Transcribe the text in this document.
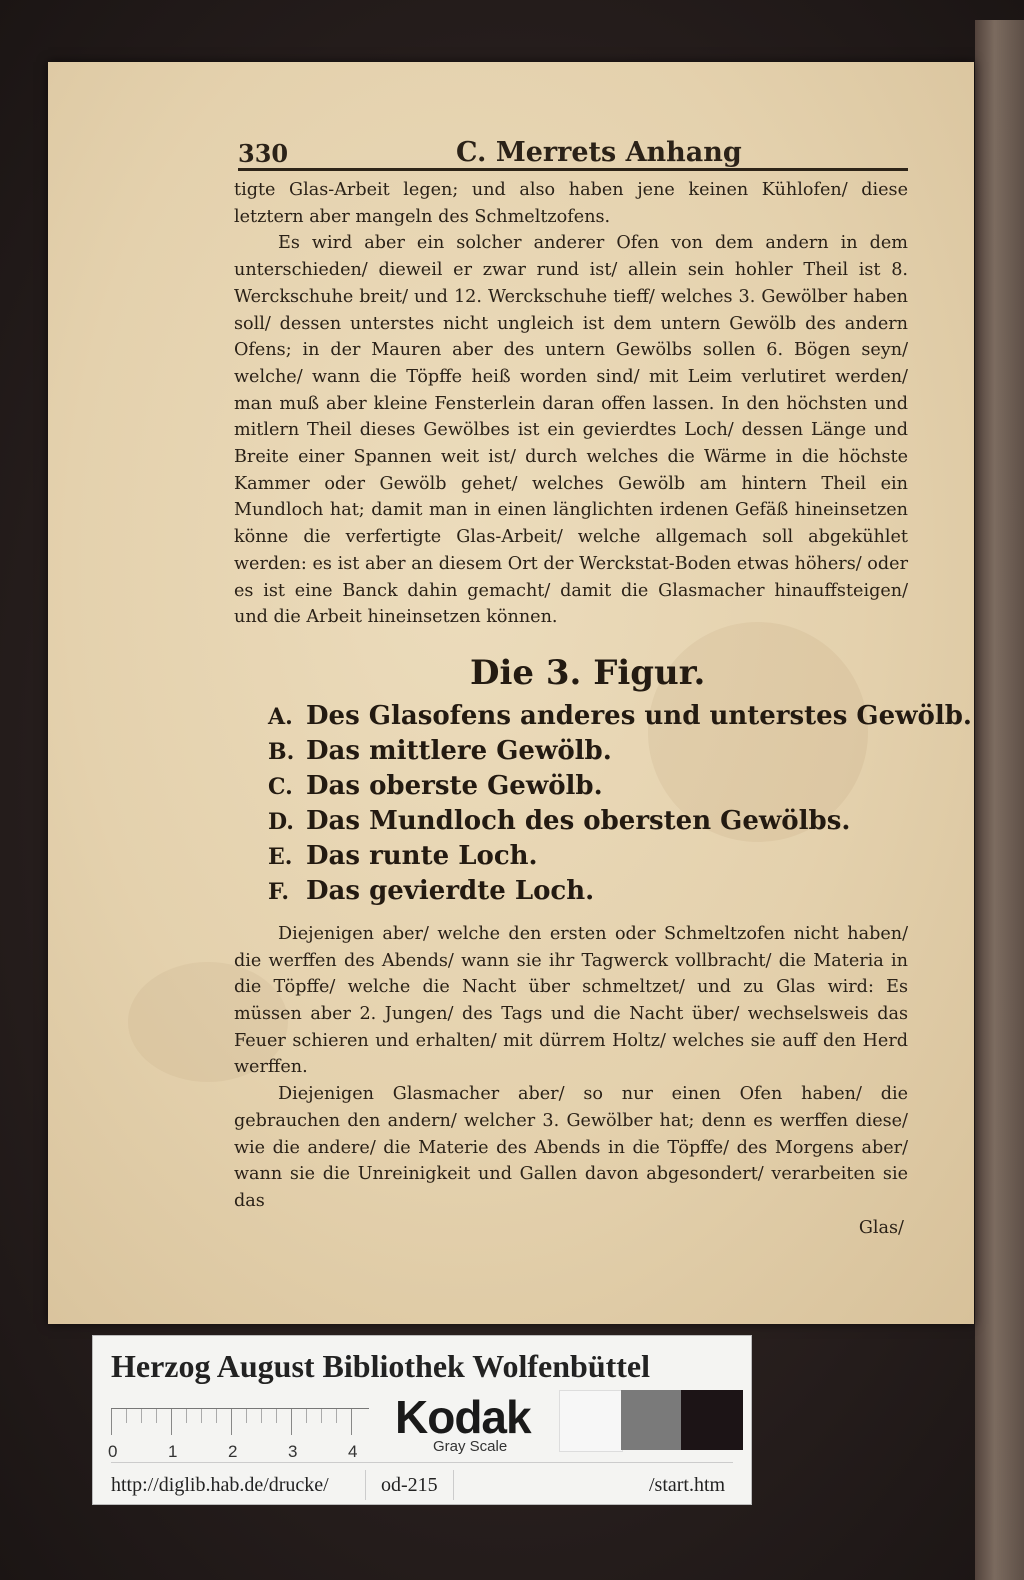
330	C. Merrets Anhang

tigte Glas-Arbeit legen; und also haben jene keinen Kühlofen/ diese letztern aber mangeln des Schmeltzofens.

Es wird aber ein solcher anderer Ofen von dem andern in dem unterschieden/ dieweil er zwar rund ist/ allein sein hohler Theil ist 8. Werckschuhe breit/ und 12. Werckschuhe tieff/ welches 3. Gewölber haben soll/ dessen unterstes nicht ungleich ist dem untern Gewölb des andern Ofens; in der Mauren aber des untern Gewölbs sollen 6. Bögen seyn/ welche/ wann die Töpffe heiß worden sind/ mit Leim verlutiret werden/ man muß aber kleine Fensterlein daran offen lassen. In den höchsten und mitlern Theil dieses Gewölbes ist ein gevierdtes Loch/ dessen Länge und Breite einer Spannen weit ist/ durch welches die Wärme in die höchste Kammer oder Gewölb gehet/ welches Gewölb am hintern Theil ein Mundloch hat; damit man in einen länglichten irdenen Gefäß hineinsetzen könne die verfertigte Glas-Arbeit/ welche allgemach soll abgekühlet werden: es ist aber an diesem Ort der Werckstat-Boden etwas höhers/ oder es ist eine Banck dahin gemacht/ damit die Glasmacher hinauffsteigen/ und die Arbeit hineinsetzen können.

Die 3. Figur.
A. Des Glasofens anderes und unterstes Gewölb.
B. Das mittlere Gewölb.
C. Das oberste Gewölb.
D. Das Mundloch des obersten Gewölbs.
E. Das runte Loch.
F. Das gevierdte Loch.

Diejenigen aber/ welche den ersten oder Schmeltzofen nicht haben/ die werffen des Abends/ wann sie ihr Tagwerck vollbracht/ die Materia in die Töpffe/ welche die Nacht über schmeltzet/ und zu Glas wird: Es müssen aber 2. Jungen/ des Tags und die Nacht über/ wechselsweis das Feuer schieren und erhalten/ mit dürrem Holtz/ welches sie auff den Herd werffen.

Diejenigen Glasmacher aber/ so nur einen Ofen haben/ die gebrauchen den andern/ welcher 3. Gewölber hat; denn es werffen diese/ wie die andere/ die Materie des Abends in die Töpffe/ des Morgens aber/ wann sie die Unreinigkeit und Gallen davon abgesondert/ verarbeiten sie das

Glas/
Herzog August Bibliothek Wolfenbüttel
0	1	2	3	4
Kodak
Gray Scale
http://diglib.hab.de/drucke/	od-215	/start.htm
